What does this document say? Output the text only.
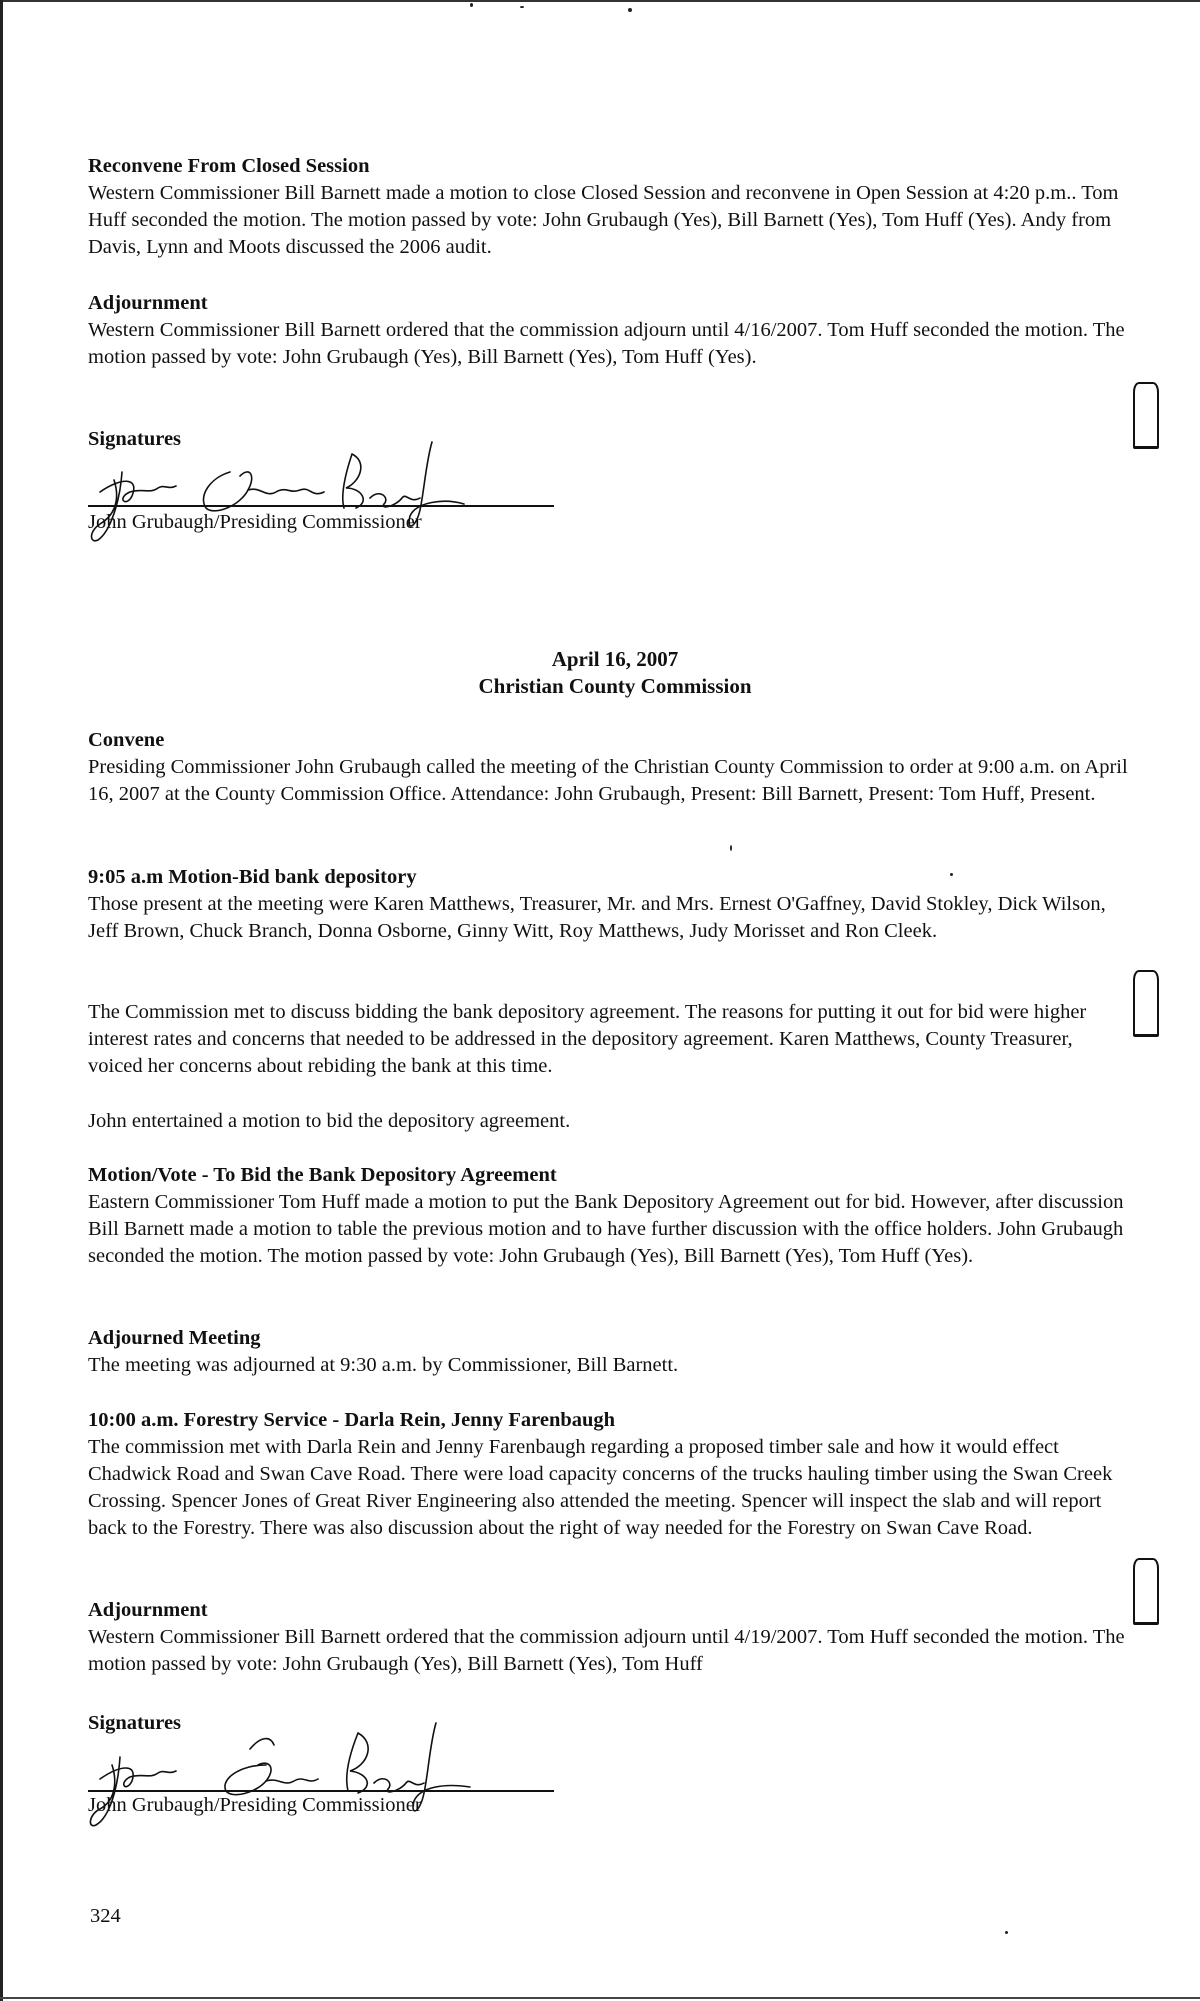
Reconvene From Closed Session

Western Commissioner Bill Barnett made a motion to close Closed Session and reconvene in Open Session at 4:20 p.m.. Tom Huff seconded the motion. The motion passed by vote: John Grubaugh (Yes), Bill Barnett (Yes), Tom Huff (Yes). Andy from Davis, Lynn and Moots discussed the 2006 audit.

Adjournment

Western Commissioner Bill Barnett ordered that the commission adjourn until 4/16/2007. Tom Huff seconded the motion. The motion passed by vote: John Grubaugh (Yes), Bill Barnett (Yes), Tom Huff (Yes).

Signatures
John Grubaugh/Presiding Commissioner
April 16, 2007
Christian County Commission
Convene

Presiding Commissioner John Grubaugh called the meeting of the Christian County Commission to order at 9:00 a.m. on April 16, 2007 at the County Commission Office. Attendance: John Grubaugh, Present: Bill Barnett, Present: Tom Huff, Present.

9:05 a.m Motion-Bid bank depository

Those present at the meeting were Karen Matthews, Treasurer, Mr. and Mrs. Ernest O'Gaffney, David Stokley, Dick Wilson, Jeff Brown, Chuck Branch, Donna Osborne, Ginny Witt, Roy Matthews, Judy Morisset and Ron Cleek.

The Commission met to discuss bidding the bank depository agreement. The reasons for putting it out for bid were higher interest rates and concerns that needed to be addressed in the depository agreement. Karen Matthews, County Treasurer, voiced her concerns about rebiding the bank at this time.

John entertained a motion to bid the depository agreement.

Motion/Vote - To Bid the Bank Depository Agreement

Eastern Commissioner Tom Huff made a motion to put the Bank Depository Agreement out for bid. However, after discussion Bill Barnett made a motion to table the previous motion and to have further discussion with the office holders. John Grubaugh seconded the motion. The motion passed by vote: John Grubaugh (Yes), Bill Barnett (Yes), Tom Huff (Yes).

Adjourned Meeting

The meeting was adjourned at 9:30 a.m. by Commissioner, Bill Barnett.

10:00 a.m. Forestry Service - Darla Rein, Jenny Farenbaugh

The commission met with Darla Rein and Jenny Farenbaugh regarding a proposed timber sale and how it would effect Chadwick Road and Swan Cave Road. There were load capacity concerns of the trucks hauling timber using the Swan Creek Crossing. Spencer Jones of Great River Engineering also attended the meeting. Spencer will inspect the slab and will report back to the Forestry. There was also discussion about the right of way needed for the Forestry on Swan Cave Road.

Adjournment

Western Commissioner Bill Barnett ordered that the commission adjourn until 4/19/2007. Tom Huff seconded the motion. The motion passed by vote: John Grubaugh (Yes), Bill Barnett (Yes), Tom Huff

Signatures
John Grubaugh/Presiding Commissioner
324
